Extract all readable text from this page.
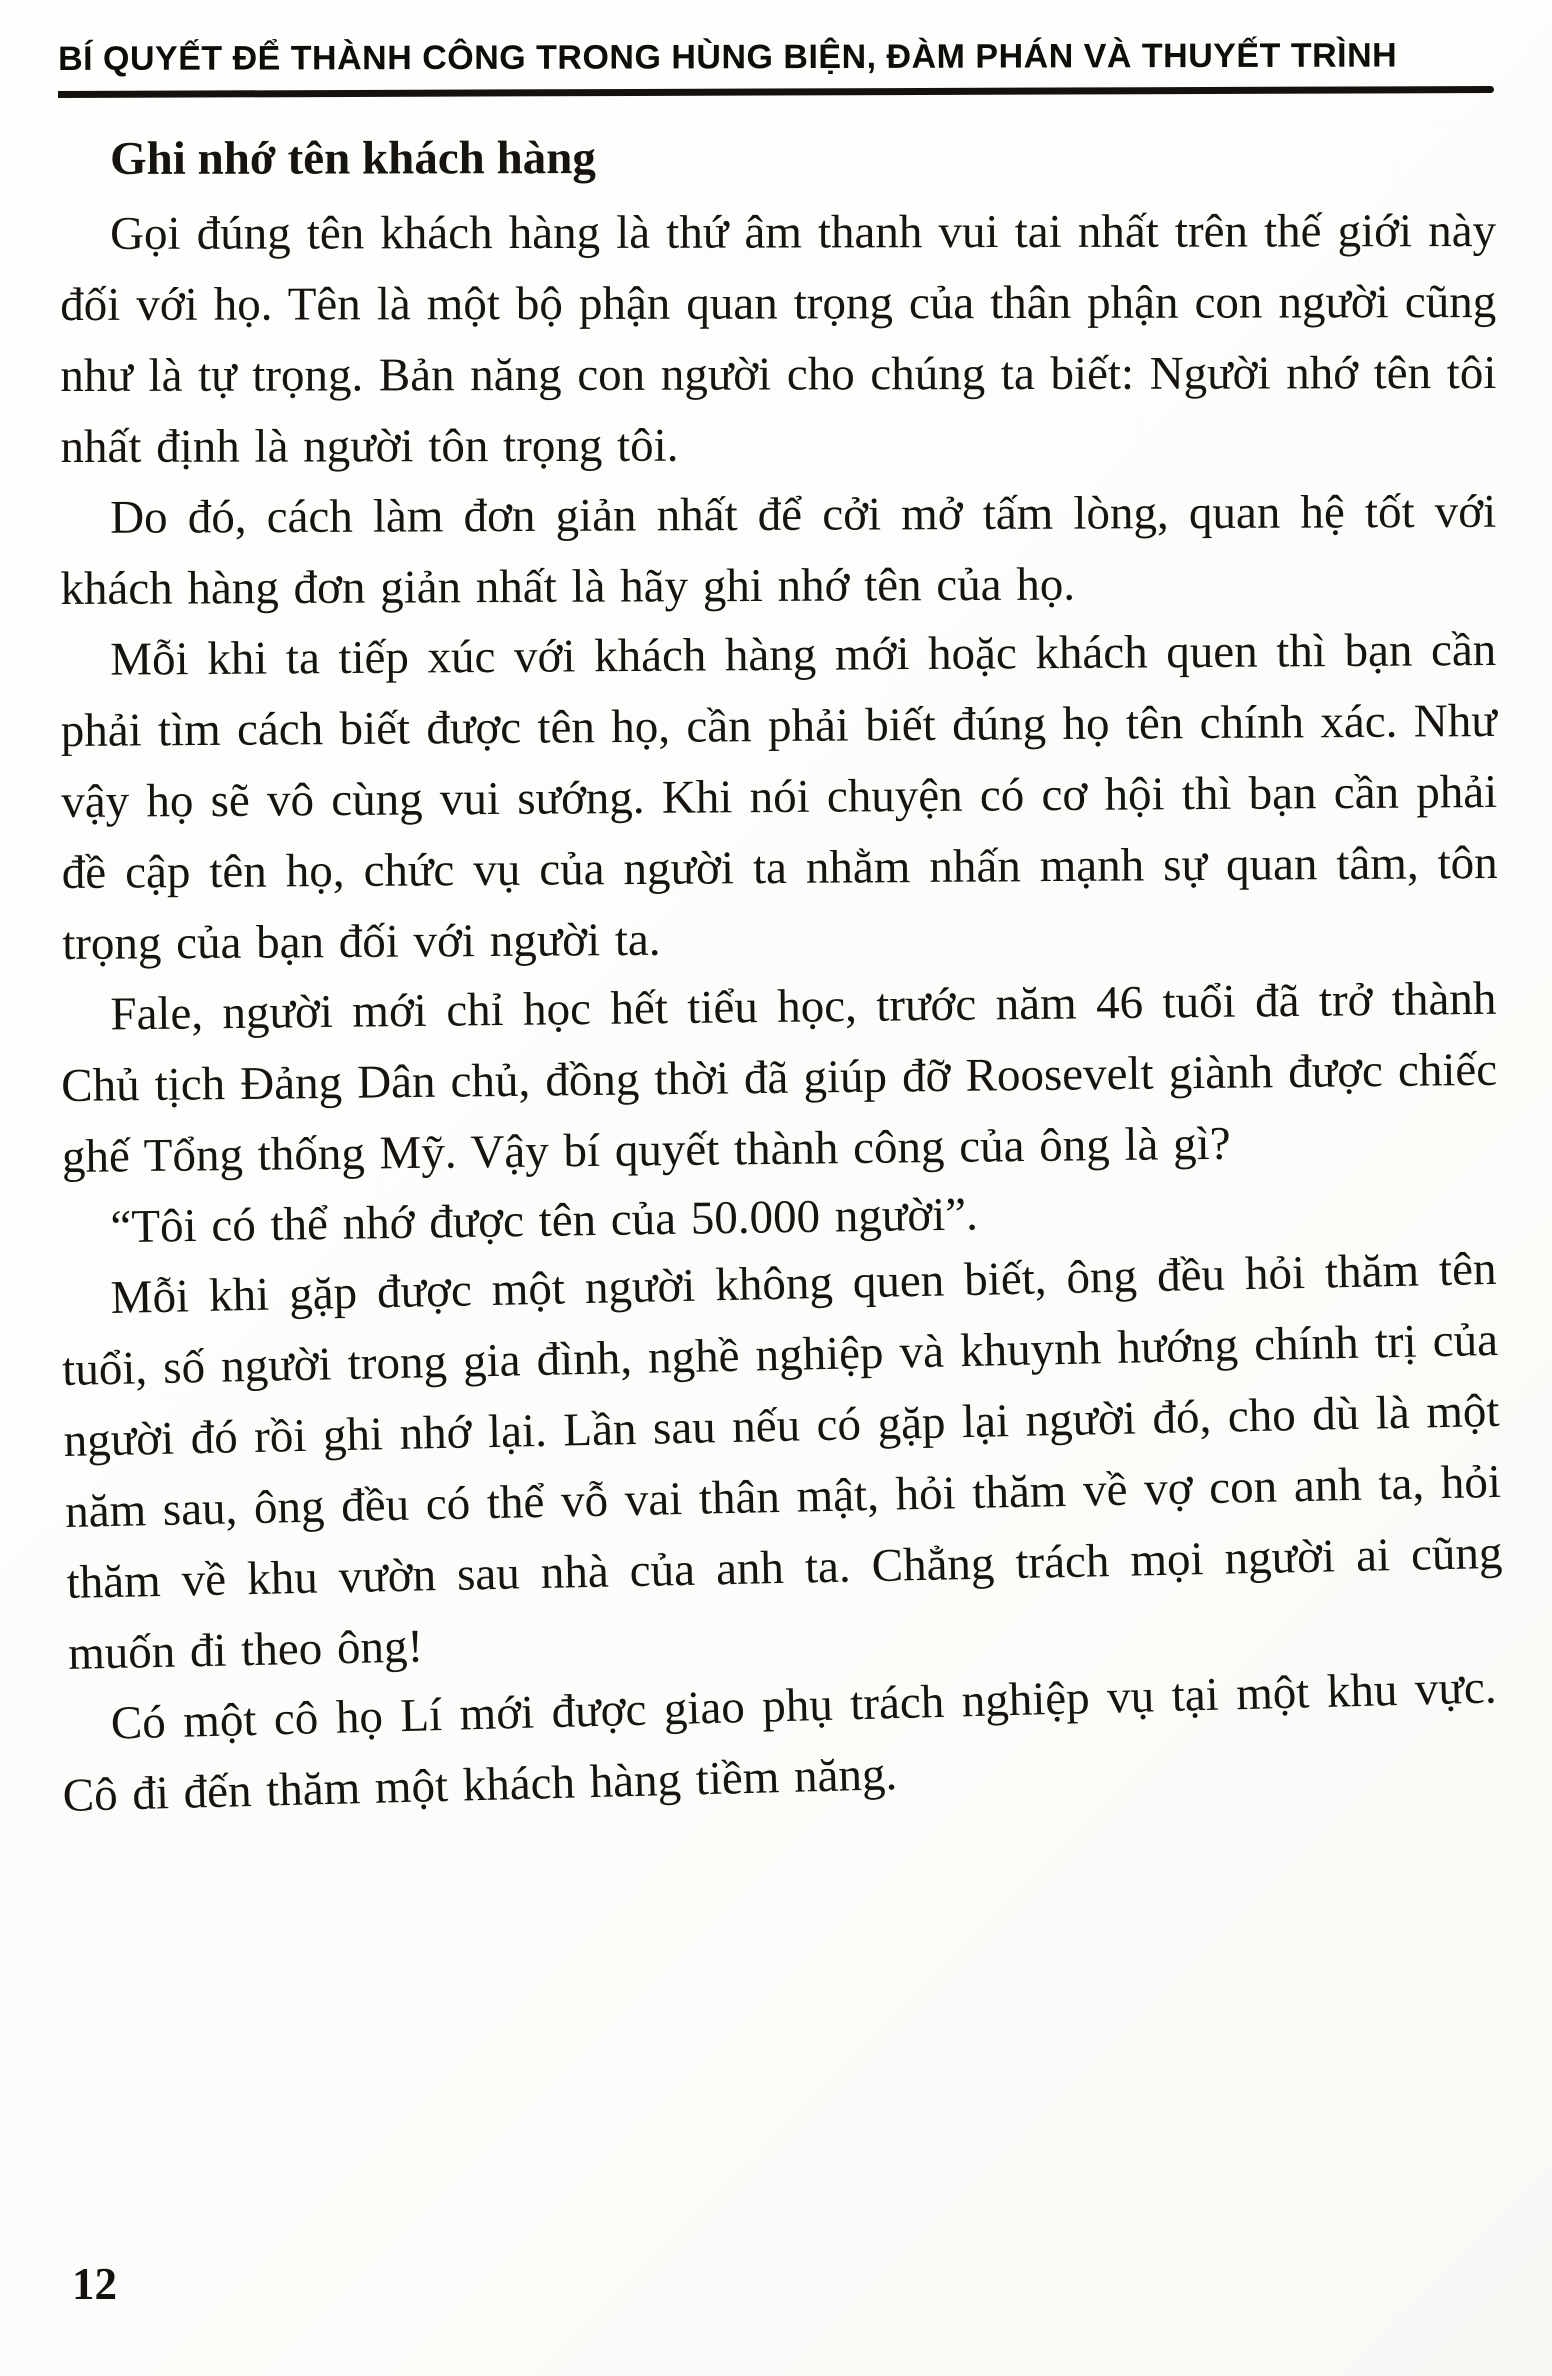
BÍ QUYẾT ĐỂ THÀNH CÔNG TRONG HÙNG BIỆN, ĐÀM PHÁN VÀ THUYẾT TRÌNH
Ghi nhớ tên khách hàng

Gọi đúng tên khách hàng là thứ âm thanh vui tai nhất trên thế giới này đối với họ. Tên là một bộ phận quan trọng của thân phận con người cũng như là tự trọng. Bản năng con người cho chúng ta biết: Người nhớ tên tôi nhất định là người tôn trọng tôi.

Do đó, cách làm đơn giản nhất để cởi mở tấm lòng, quan hệ tốt với khách hàng đơn giản nhất là hãy ghi nhớ tên của họ.

Mỗi khi ta tiếp xúc với khách hàng mới hoặc khách quen thì bạn cần phải tìm cách biết được tên họ, cần phải biết đúng họ tên chính xác. Như vậy họ sẽ vô cùng vui sướng. Khi nói chuyện có cơ hội thì bạn cần phải đề cập tên họ, chức vụ của người ta nhằm nhấn mạnh sự quan tâm, tôn trọng của bạn đối với người ta.

Fale, người mới chỉ học hết tiểu học, trước năm 46 tuổi đã trở thành Chủ tịch Đảng Dân chủ, đồng thời đã giúp đỡ Roosevelt giành được chiếc ghế Tổng thống Mỹ. Vậy bí quyết thành công của ông là gì?

“Tôi có thể nhớ được tên của 50.000 người”.

Mỗi khi gặp được một người không quen biết, ông đều hỏi thăm tên tuổi, số người trong gia đình, nghề nghiệp và khuynh hướng chính trị của người đó rồi ghi nhớ lại. Lần sau nếu có gặp lại người đó, cho dù là một năm sau, ông đều có thể vỗ vai thân mật, hỏi thăm về vợ con anh ta, hỏi thăm về khu vườn sau nhà của anh ta. Chẳng trách mọi người ai cũng muốn đi theo ông!

Có một cô họ Lí mới được giao phụ trách nghiệp vụ tại một khu vực. Cô đi đến thăm một khách hàng tiềm năng.

12
